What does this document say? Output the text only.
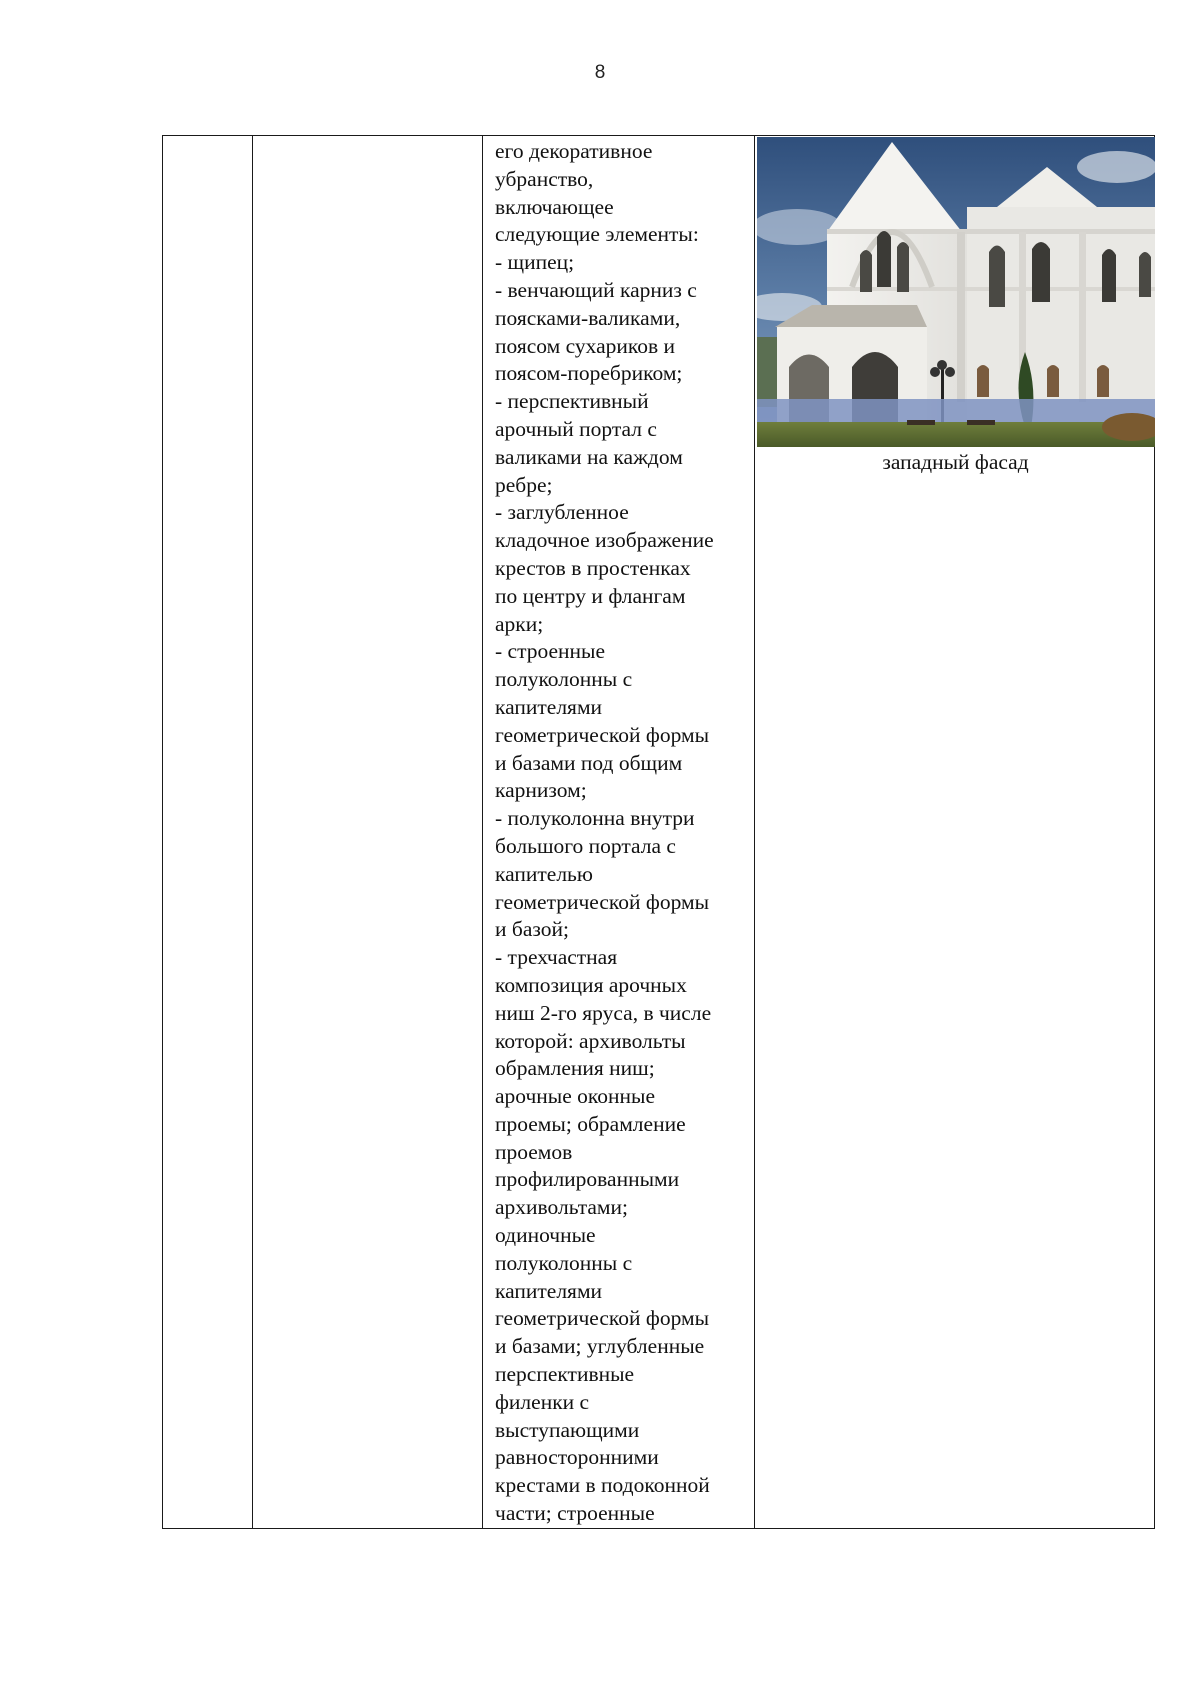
8

его декоративное
убранство,
включающее
следующие элементы:
- щипец;
- венчающий карниз с
поясками-валиками,
поясом сухариков и
поясом-поребриком;
- перспективный
арочный портал с
валиками на каждом
ребре;
- заглубленное
кладочное изображение
крестов в простенках
по центру и флангам
арки;
- строенные
полуколонны с
капителями
геометрической формы
и базами под общим
карнизом;
- полуколонна внутри
большого портала с
капителью
геометрической формы
и базой;
- трехчастная
композиция арочных
ниш 2-го яруса, в числе
которой: архивольты
обрамления ниш;
арочные оконные
проемы; обрамление
проемов
профилированными
архивольтами;
одиночные
полуколонны с
капителями
геометрической формы
и базами; углубленные
перспективные
филенки с
выступающими
равносторонними
крестами в подоконной
части; строенные

западный фасад
